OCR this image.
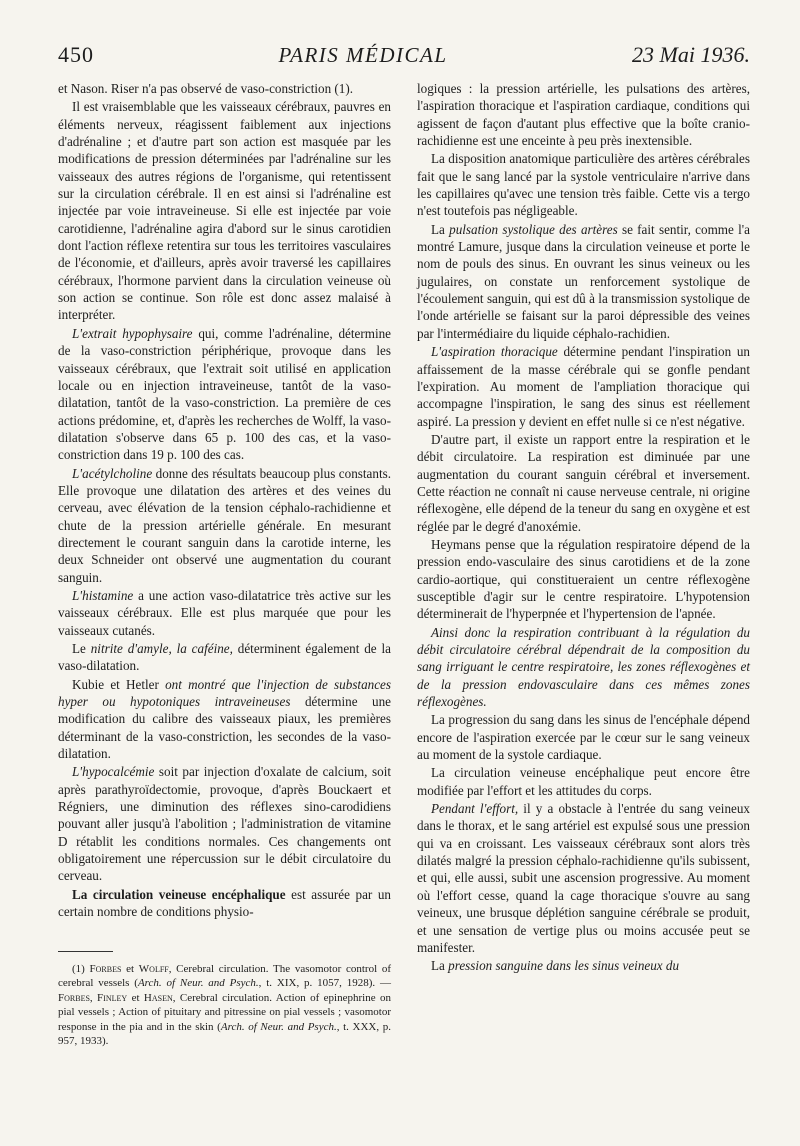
450	PARIS MÉDICAL	23 Mai 1936.

et Nason. Riser n'a pas observé de vaso-constriction (1).

Il est vraisemblable que les vaisseaux cérébraux, pauvres en éléments nerveux, réagissent faiblement aux injections d'adrénaline ; et d'autre part son action est masquée par les modifications de pression déterminées par l'adrénaline sur les vaisseaux des autres régions de l'organisme, qui retentissent sur la circulation cérébrale. Il en est ainsi si l'adrénaline est injectée par voie intraveineuse. Si elle est injectée par voie carotidienne, l'adrénaline agira d'abord sur le sinus carotidien dont l'action réflexe retentira sur tous les territoires vasculaires de l'économie, et d'ailleurs, après avoir traversé les capillaires cérébraux, l'hormone parvient dans la circulation veineuse où son action se continue. Son rôle est donc assez malaisé à interpréter.

L'extrait hypophysaire qui, comme l'adrénaline, détermine de la vaso-constriction périphérique, provoque dans les vaisseaux cérébraux, que l'extrait soit utilisé en application locale ou en injection intraveineuse, tantôt de la vaso-dilatation, tantôt de la vaso-constriction. La première de ces actions prédomine, et, d'après les recherches de Wolff, la vaso-dilatation s'observe dans 65 p. 100 des cas, et la vaso-constriction dans 19 p. 100 des cas.

L'acétylcholine donne des résultats beaucoup plus constants. Elle provoque une dilatation des artères et des veines du cerveau, avec élévation de la tension céphalo-rachidienne et chute de la pression artérielle générale. En mesurant directement le courant sanguin dans la carotide interne, les deux Schneider ont observé une augmentation du courant sanguin.

L'histamine a une action vaso-dilatatrice très active sur les vaisseaux cérébraux. Elle est plus marquée que pour les vaisseaux cutanés.

Le nitrite d'amyle, la caféine, déterminent également de la vaso-dilatation.

Kubie et Hetler ont montré que l'injection de substances hyper ou hypotoniques intraveineuses détermine une modification du calibre des vaisseaux piaux, les premières déterminant de la vaso-constriction, les secondes de la vaso-dilatation.

L'hypocalcémie soit par injection d'oxalate de calcium, soit après parathyroïdectomie, provoque, d'après Bouckaert et Régniers, une diminution des réflexes sino-carodidiens pouvant aller jusqu'à l'abolition ; l'administration de vitamine D rétablit les conditions normales. Ces changements ont obligatoirement une répercussion sur le débit circulatoire du cerveau.

La circulation veineuse encéphalique est assurée par un certain nombre de conditions physio-

(1) Forbes et Wolff, Cerebral circulation. The vasomotor control of cerebral vessels (Arch. of Neur. and Psych., t. XIX, p. 1057, 1928). — Forbes, Finley et Hasen, Cerebral circulation. Action of epinephrine on pial vessels ; Action of pituitary and pitressine on pial vessels ; vasomotor response in the pia and in the skin (Arch. of Neur. and Psych., t. XXX, p. 957, 1933).

logiques : la pression artérielle, les pulsations des artères, l'aspiration thoracique et l'aspiration cardiaque, conditions qui agissent de façon d'autant plus effective que la boîte cranio-rachidienne est une enceinte à peu près inextensible.

La disposition anatomique particulière des artères cérébrales fait que le sang lancé par la systole ventriculaire n'arrive dans les capillaires qu'avec une tension très faible. Cette vis a tergo n'est toutefois pas négligeable.

La pulsation systolique des artères se fait sentir, comme l'a montré Lamure, jusque dans la circulation veineuse et porte le nom de pouls des sinus. En ouvrant les sinus veineux ou les jugulaires, on constate un renforcement systolique de l'écoulement sanguin, qui est dû à la transmission systolique de l'onde artérielle se faisant sur la paroi dépressible des veines par l'intermédiaire du liquide céphalo-rachidien.

L'aspiration thoracique détermine pendant l'inspiration un affaissement de la masse cérébrale qui se gonfle pendant l'expiration. Au moment de l'ampliation thoracique qui accompagne l'inspiration, le sang des sinus est réellement aspiré. La pression y devient en effet nulle si ce n'est négative.

D'autre part, il existe un rapport entre la respiration et le débit circulatoire. La respiration est diminuée par une augmentation du courant sanguin cérébral et inversement. Cette réaction ne connaît ni cause nerveuse centrale, ni origine réflexogène, elle dépend de la teneur du sang en oxygène et est réglée par le degré d'anoxémie.

Heymans pense que la régulation respiratoire dépend de la pression endo-vasculaire des sinus carotidiens et de la zone cardio-aortique, qui constitueraient un centre réflexogène susceptible d'agir sur le centre respiratoire. L'hypotension déterminerait de l'hyperpnée et l'hypertension de l'apnée.

Ainsi donc la respiration contribuant à la régulation du débit circulatoire cérébral dépendrait de la composition du sang irriguant le centre respiratoire, les zones réflexogènes et de la pression endovasculaire dans ces mêmes zones réflexogènes.

La progression du sang dans les sinus de l'encéphale dépend encore de l'aspiration exercée par le cœur sur le sang veineux au moment de la systole cardiaque.

La circulation veineuse encéphalique peut encore être modifiée par l'effort et les attitudes du corps.

Pendant l'effort, il y a obstacle à l'entrée du sang veineux dans le thorax, et le sang artériel est expulsé sous une pression qui va en croissant. Les vaisseaux cérébraux sont alors très dilatés malgré la pression céphalo-rachidienne qu'ils subissent, et qui, elle aussi, subit une ascension progressive. Au moment où l'effort cesse, quand la cage thoracique s'ouvre au sang veineux, une brusque déplétion sanguine cérébrale se produit, et une sensation de vertige plus ou moins accusée peut se manifester.

La pression sanguine dans les sinus veineux du
